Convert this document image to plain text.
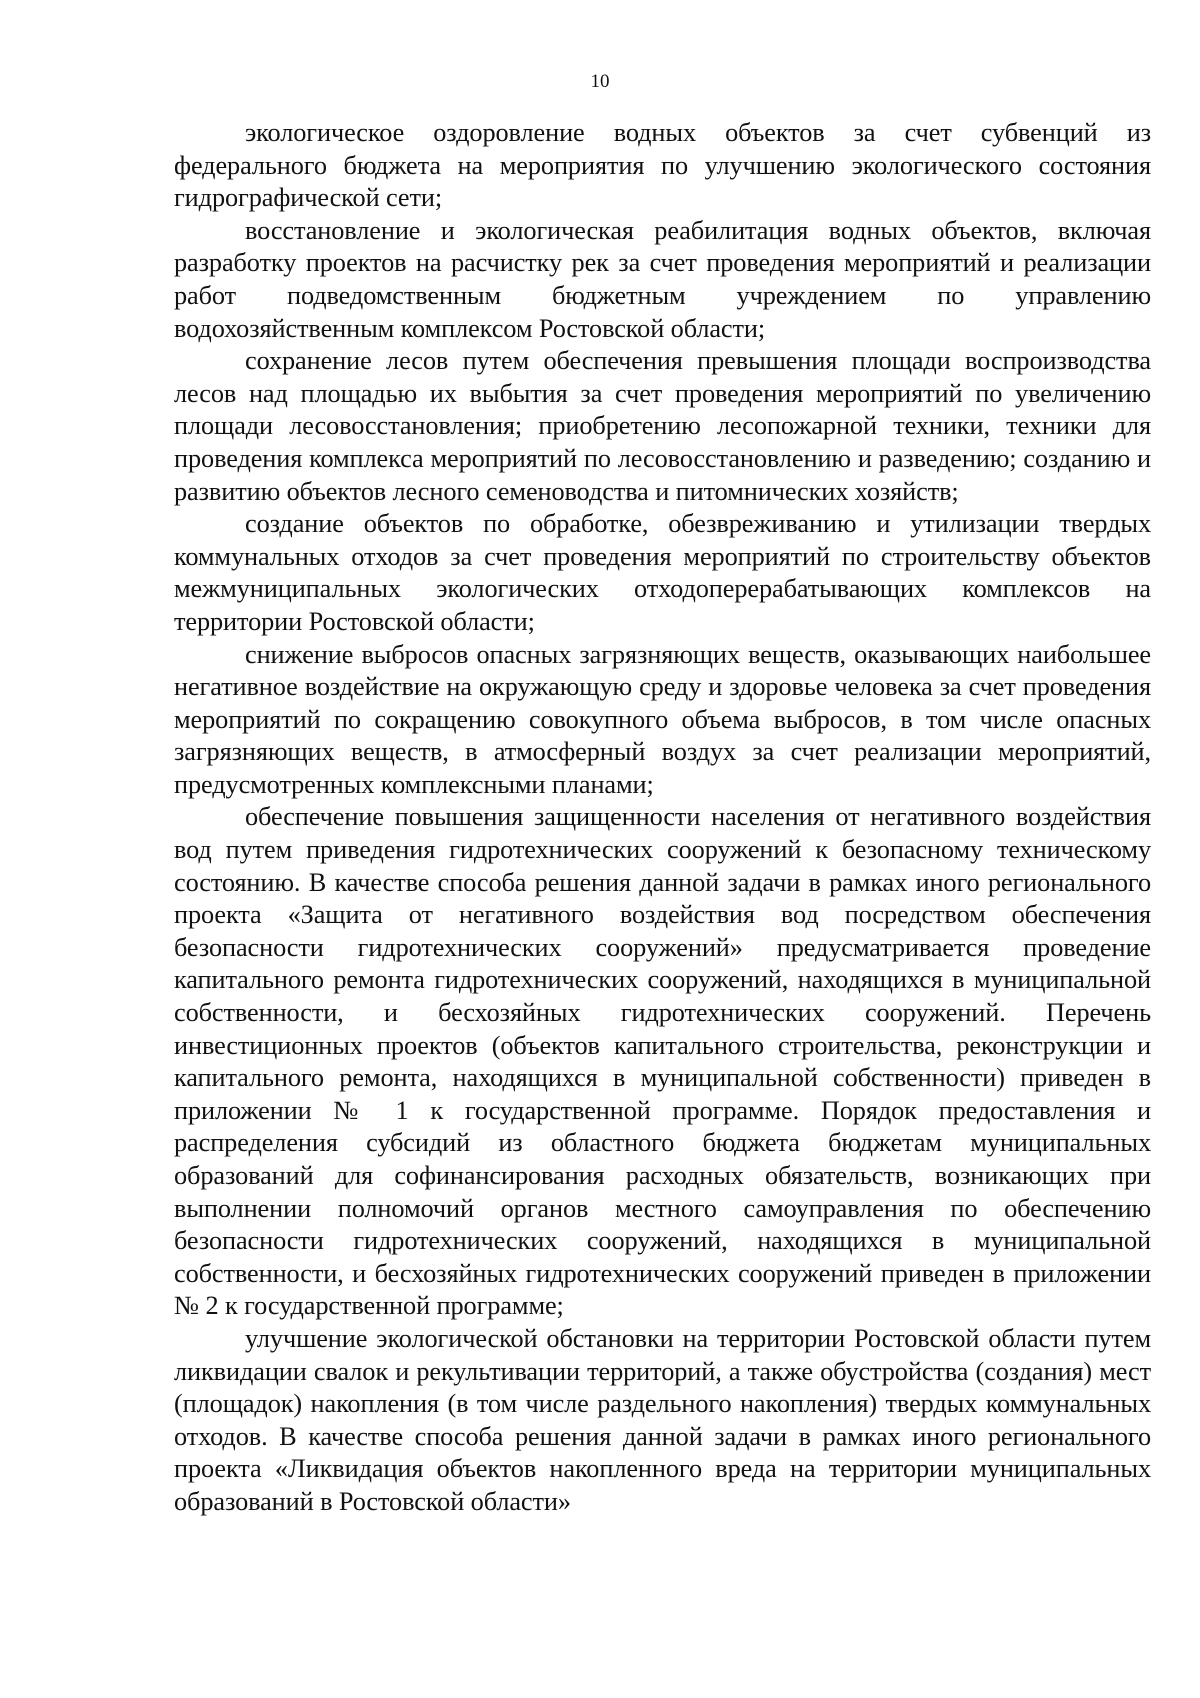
10

экологическое оздоровление водных объектов за счет субвенций из федерального бюджета на мероприятия по улучшению экологического состояния гидрографической сети;

восстановление и экологическая реабилитация водных объектов, включая разработку проектов на расчистку рек за счет проведения мероприятий и реализации работ подведомственным бюджетным учреждением по управлению водохозяйственным комплексом Ростовской области;

сохранение лесов путем обеспечения превышения площади воспроизводства лесов над площадью их выбытия за счет проведения мероприятий по увеличению площади лесовосстановления; приобретению лесопожарной техники, техники для проведения комплекса мероприятий по лесовосстановлению и разведению; созданию и развитию объектов лесного семеноводства и питомнических хозяйств;

создание объектов по обработке, обезвреживанию и утилизации твердых коммунальных отходов за счет проведения мероприятий по строительству объектов межмуниципальных экологических отходоперерабатывающих комплексов на территории Ростовской области;

снижение выбросов опасных загрязняющих веществ, оказывающих наибольшее негативное воздействие на окружающую среду и здоровье человека за счет проведения мероприятий по сокращению совокупного объема выбросов, в том числе опасных загрязняющих веществ, в атмосферный воздух за счет реализации мероприятий, предусмотренных комплексными планами;

обеспечение повышения защищенности населения от негативного воздействия вод путем приведения гидротехнических сооружений к безопасному техническому состоянию. В качестве способа решения данной задачи в рамках иного регионального проекта «Защита от негативного воздействия вод посредством обеспечения безопасности гидротехнических сооружений» предусматривается проведение капитального ремонта гидротехнических сооружений, находящихся в муниципальной собственности, и бесхозяйных гидротехнических сооружений. Перечень инвестиционных проектов (объектов капитального строительства, реконструкции и капитального ремонта, находящихся в муниципальной собственности) приведен в приложении № 1 к государственной программе. Порядок предоставления и распределения субсидий из областного бюджета бюджетам муниципальных образований для софинансирования расходных обязательств, возникающих при выполнении полномочий органов местного самоуправления по обеспечению безопасности гидротехнических сооружений, находящихся в муниципальной собственности, и бесхозяйных гидротехнических сооружений приведен в приложении № 2 к государственной программе;

улучшение экологической обстановки на территории Ростовской области путем ликвидации свалок и рекультивации территорий, а также обустройства (создания) мест (площадок) накопления (в том числе раздельного накопления) твердых коммунальных отходов. В качестве способа решения данной задачи в рамках иного регионального проекта «Ликвидация объектов накопленного вреда на территории муниципальных образований в Ростовской области»
